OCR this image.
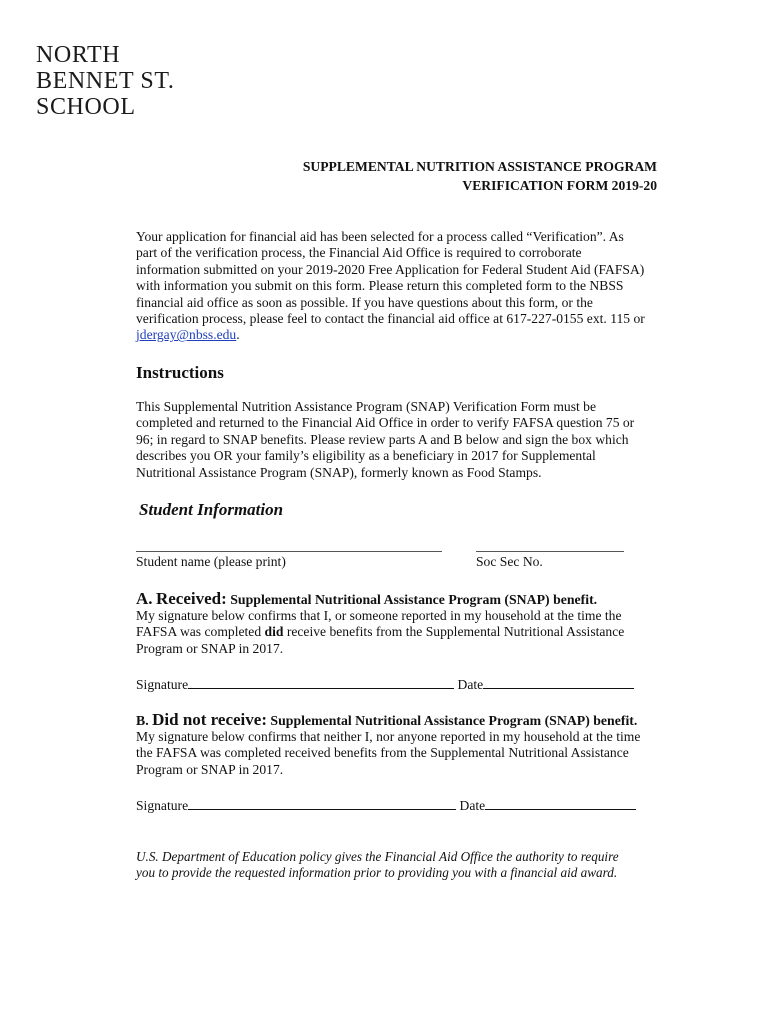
NORTH
BENNET ST.
SCHOOL
SUPPLEMENTAL NUTRITION ASSISTANCE PROGRAM
VERIFICATION FORM 2019-20
Your application for financial aid has been selected for a process called “Verification”. As
part of the verification process, the Financial Aid Office is required to corroborate
information submitted on your 2019-2020 Free Application for Federal Student Aid (FAFSA)
with information you submit on this form. Please return this completed form to the NBSS
financial aid office as soon as possible. If you have questions about this form, or the
verification process, please feel to contact the financial aid office at 617-227-0155 ext. 115 or
jdergay@nbss.edu.
Instructions
This Supplemental Nutrition Assistance Program (SNAP) Verification Form must be
completed and returned to the Financial Aid Office in order to verify FAFSA question 75 or
96; in regard to SNAP benefits. Please review parts A and B below and sign the box which
describes you OR your family’s eligibility as a beneficiary in 2017 for Supplemental
Nutritional Assistance Program (SNAP), formerly known as Food Stamps.
Student Information
Student name (please print)	Soc Sec No.
A. Received: Supplemental Nutritional Assistance Program (SNAP) benefit.
My signature below confirms that I, or someone reported in my household at the time the
FAFSA was completed did receive benefits from the Supplemental Nutritional Assistance
Program or SNAP in 2017.
Signature	Date
B. Did not receive: Supplemental Nutritional Assistance Program (SNAP) benefit.
My signature below confirms that neither I, nor anyone reported in my household at the time
the FAFSA was completed received benefits from the Supplemental Nutritional Assistance
Program or SNAP in 2017.
Signature	Date
U.S. Department of Education policy gives the Financial Aid Office the authority to require
you to provide the requested information prior to providing you with a financial aid award.
